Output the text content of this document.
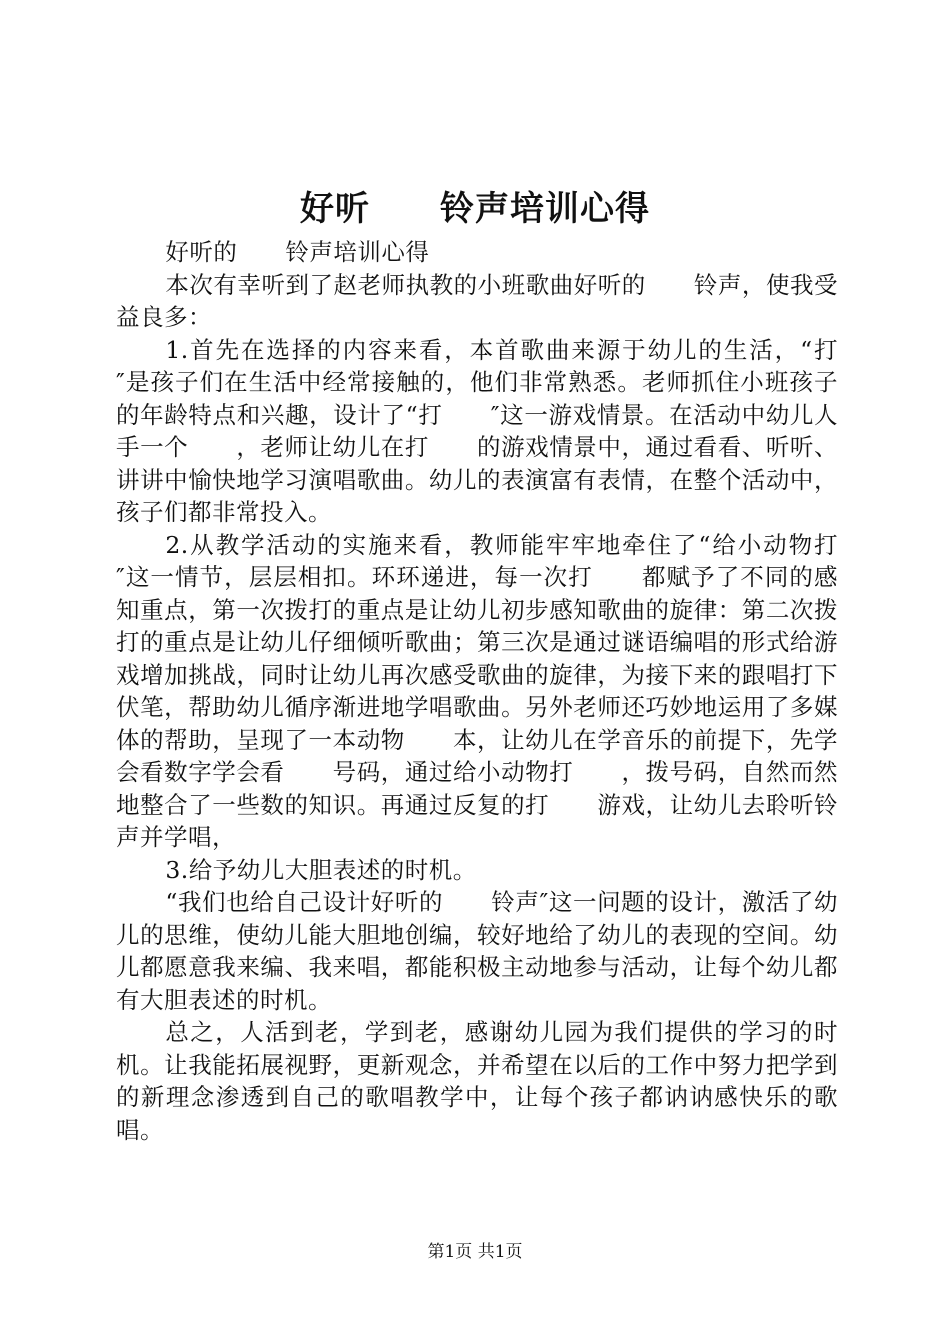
好听　　铃声培训心得

好听的　　铃声培训心得

本次有幸听到了赵老师执教的小班歌曲好听的　　铃声，使我受益良多：

1.首先在选择的内容来看，本首歌曲来源于幼儿的生活，“打　　″是孩子们在生活中经常接触的，他们非常熟悉。老师抓住小班孩子的年龄特点和兴趣，设计了“打　　″这一游戏情景。在活动中幼儿人手一个　　，老师让幼儿在打　　的游戏情景中，通过看看、听听、讲讲中愉快地学习演唱歌曲。幼儿的表演富有表情，在整个活动中，孩子们都非常投入。

2.从教学活动的实施来看，教师能牢牢地牵住了“给小动物打　　″这一情节，层层相扣。环环递进，每一次打　　都赋予了不同的感知重点，第一次拨打的重点是让幼儿初步感知歌曲的旋律：第二次拨打的重点是让幼儿仔细倾听歌曲；第三次是通过谜语编唱的形式给游戏增加挑战，同时让幼儿再次感受歌曲的旋律，为接下来的跟唱打下伏笔，帮助幼儿循序渐进地学唱歌曲。另外老师还巧妙地运用了多媒体的帮助，呈现了一本动物　　本，让幼儿在学音乐的前提下，先学会看数字学会看　　号码，通过给小动物打　　，拨号码，自然而然地整合了一些数的知识。再通过反复的打　　游戏，让幼儿去聆听铃声并学唱，

3.给予幼儿大胆表述的时机。

“我们也给自己设计好听的　　铃声″这一问题的设计，激活了幼儿的思维，使幼儿能大胆地创编，较好地给了幼儿的表现的空间。幼儿都愿意我来编、我来唱，都能积极主动地参与活动，让每个幼儿都有大胆表述的时机。

总之，人活到老，学到老，感谢幼儿园为我们提供的学习的时机。让我能拓展视野，更新观念，并希望在以后的工作中努力把学到的新理念渗透到自己的歌唱教学中，让每个孩子都讷讷感快乐的歌唱。

第1页 共1页
